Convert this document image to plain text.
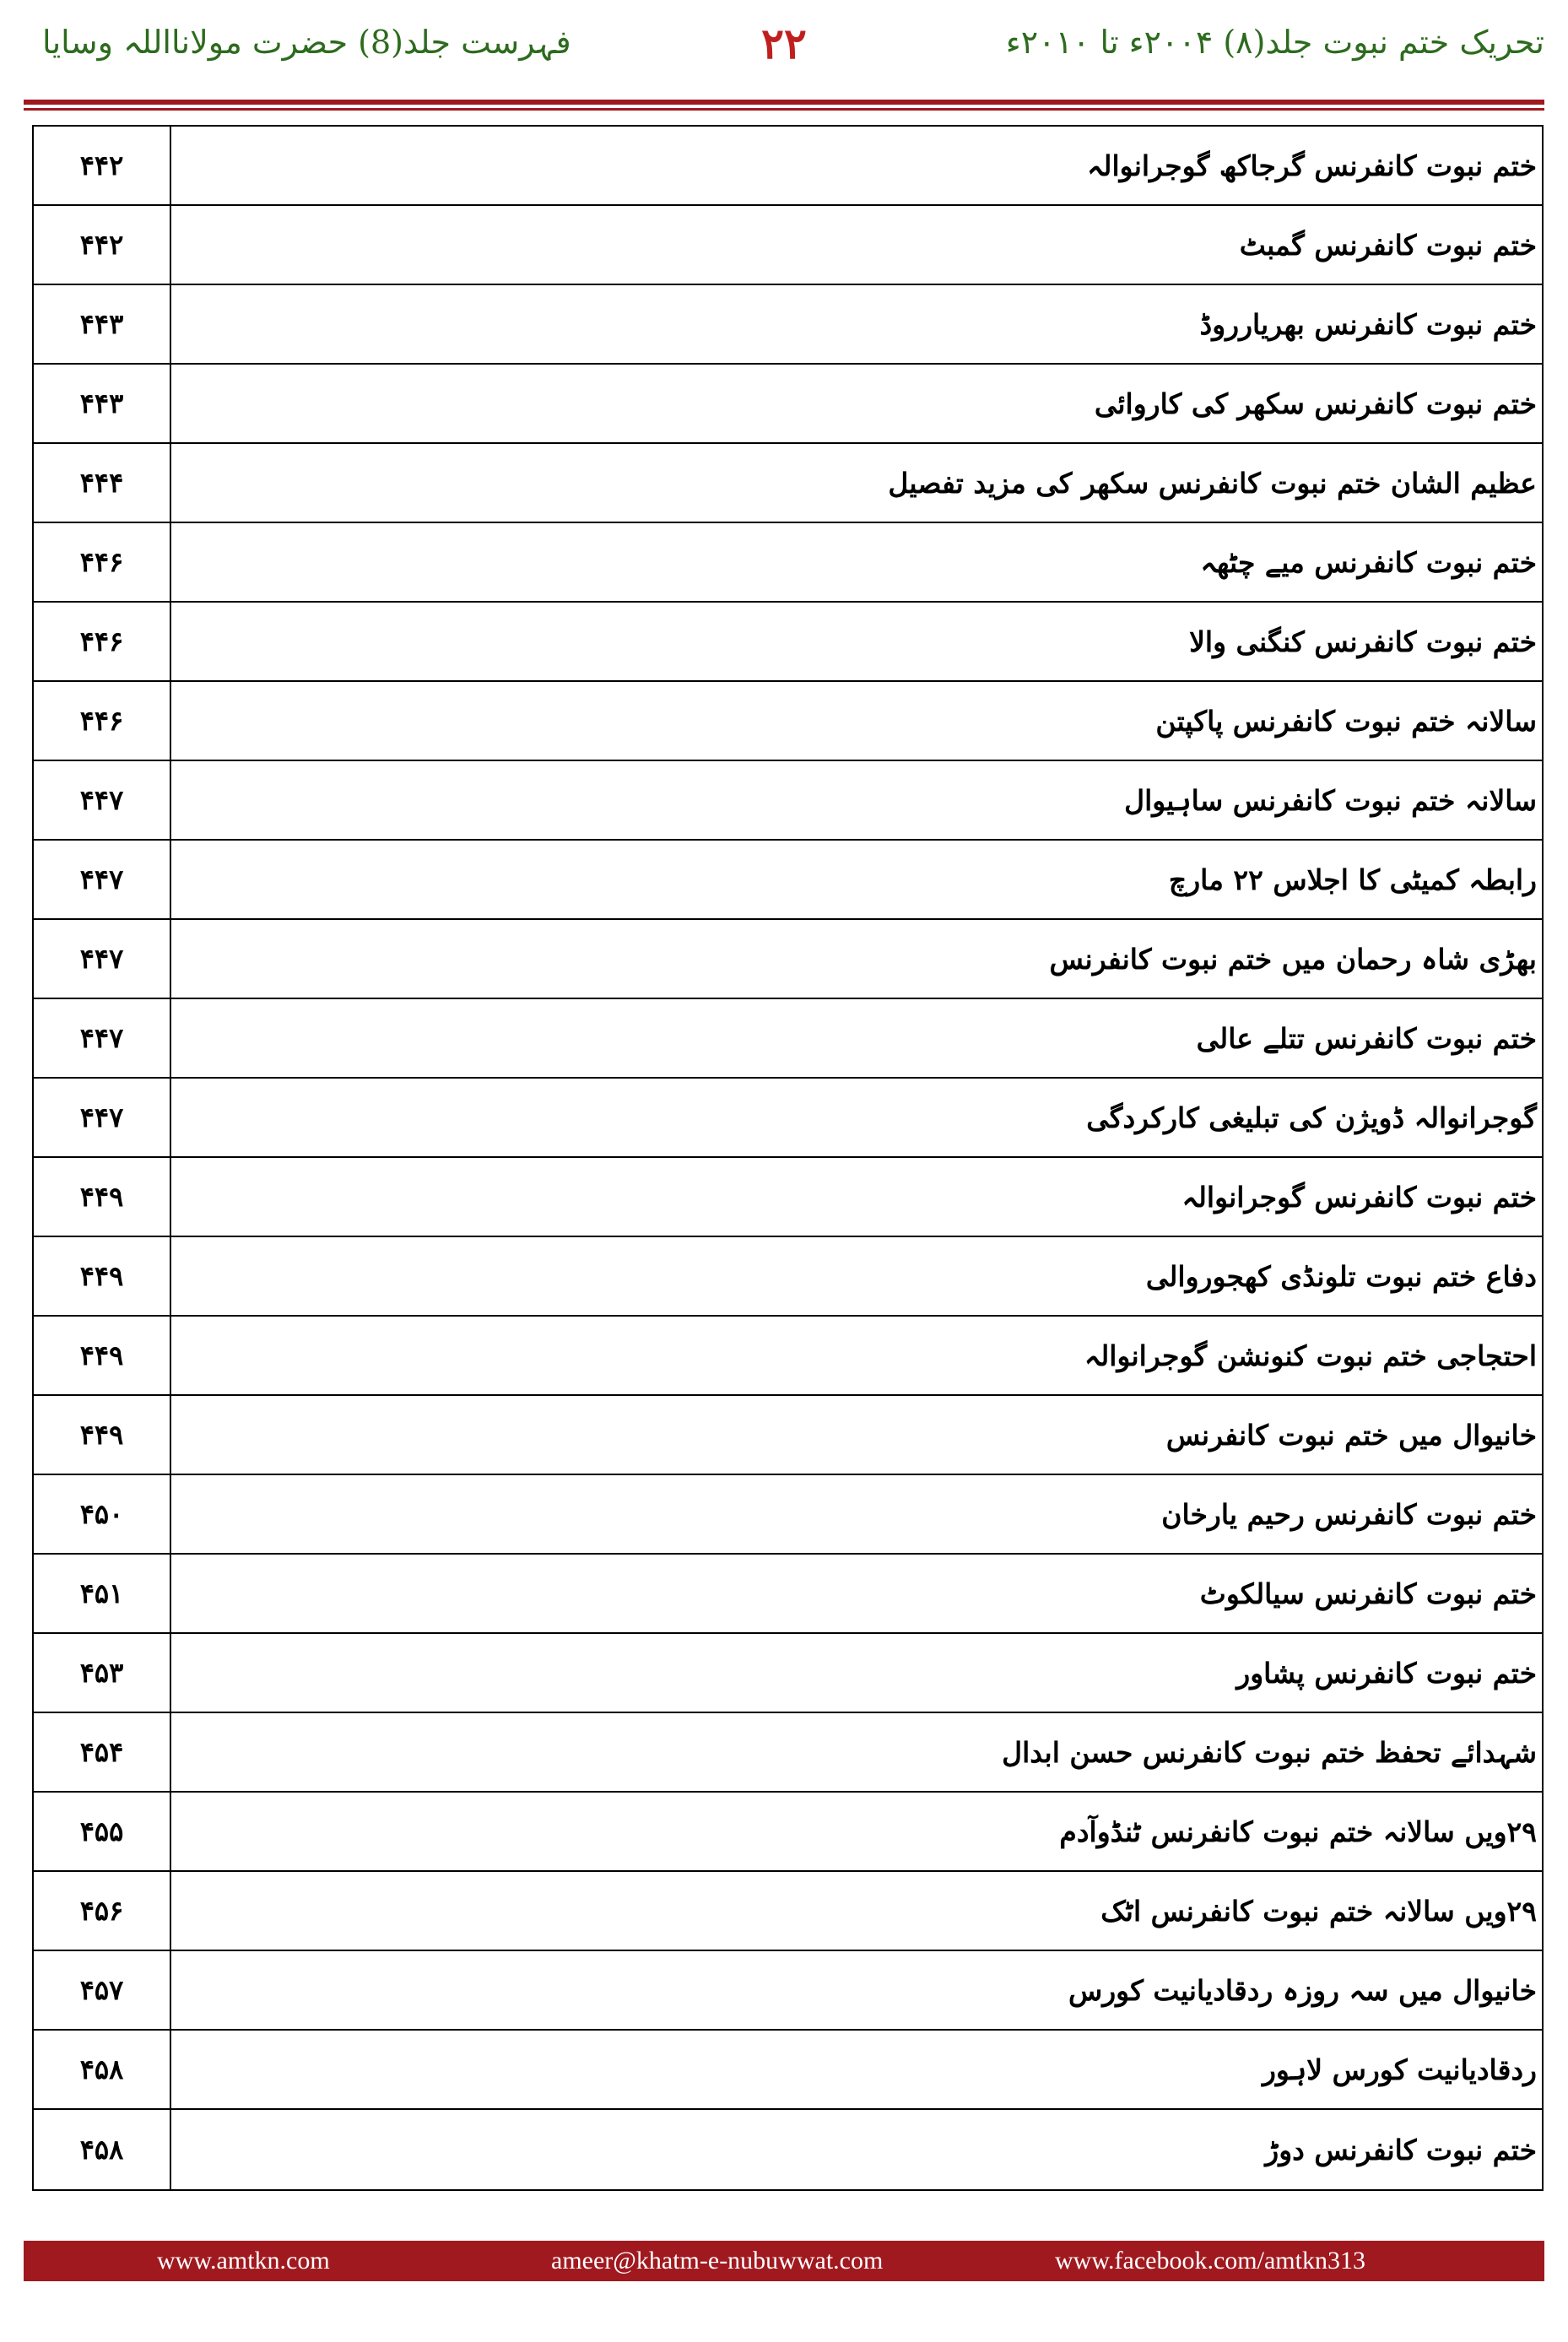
فہرست جلد(8) حضرت مولانااللہ وسایا	۲۲	تحریک ختم نبوت جلد(۸) ۲۰۰۴ء تا ۲۰۱۰ء
۴۴۲	ختم نبوت کانفرنس گرجاکھ گوجرانوالہ
۴۴۲	ختم نبوت کانفرنس گمبٹ
۴۴۳	ختم نبوت کانفرنس بھریارروڈ
۴۴۳	ختم نبوت کانفرنس سکھر کی کاروائی
۴۴۴	عظیم الشان ختم نبوت کانفرنس سکھر کی مزید تفصیل
۴۴۶	ختم نبوت کانفرنس میے چٹھہ
۴۴۶	ختم نبوت کانفرنس کنگنی والا
۴۴۶	سالانہ ختم نبوت کانفرنس پاکپتن
۴۴۷	سالانہ ختم نبوت کانفرنس ساہیوال
۴۴۷	رابطہ کمیٹی کا اجلاس ۲۲ مارچ
۴۴۷	بھڑی شاہ رحمان میں ختم نبوت کانفرنس
۴۴۷	ختم نبوت کانفرنس تتلے عالی
۴۴۷	گوجرانوالہ ڈویژن کی تبلیغی کارکردگی
۴۴۹	ختم نبوت کانفرنس گوجرانوالہ
۴۴۹	دفاع ختم نبوت تلونڈی کھجوروالی
۴۴۹	احتجاجی ختم نبوت کنونشن گوجرانوالہ
۴۴۹	خانیوال میں ختم نبوت کانفرنس
۴۵۰	ختم نبوت کانفرنس رحیم یارخان
۴۵۱	ختم نبوت کانفرنس سیالکوٹ
۴۵۳	ختم نبوت کانفرنس پشاور
۴۵۴	شہدائے تحفظ ختم نبوت کانفرنس حسن ابدال
۴۵۵	۲۹ویں سالانہ ختم نبوت کانفرنس ٹنڈوآدم
۴۵۶	۲۹ویں سالانہ ختم نبوت کانفرنس اٹک
۴۵۷	خانیوال میں سہ روزہ ردقادیانیت کورس
۴۵۸	ردقادیانیت کورس لاہور
۴۵۸	ختم نبوت کانفرنس دوڑ
www.amtkn.com	ameer@khatm-e-nubuwwat.com	www.facebook.com/amtkn313
